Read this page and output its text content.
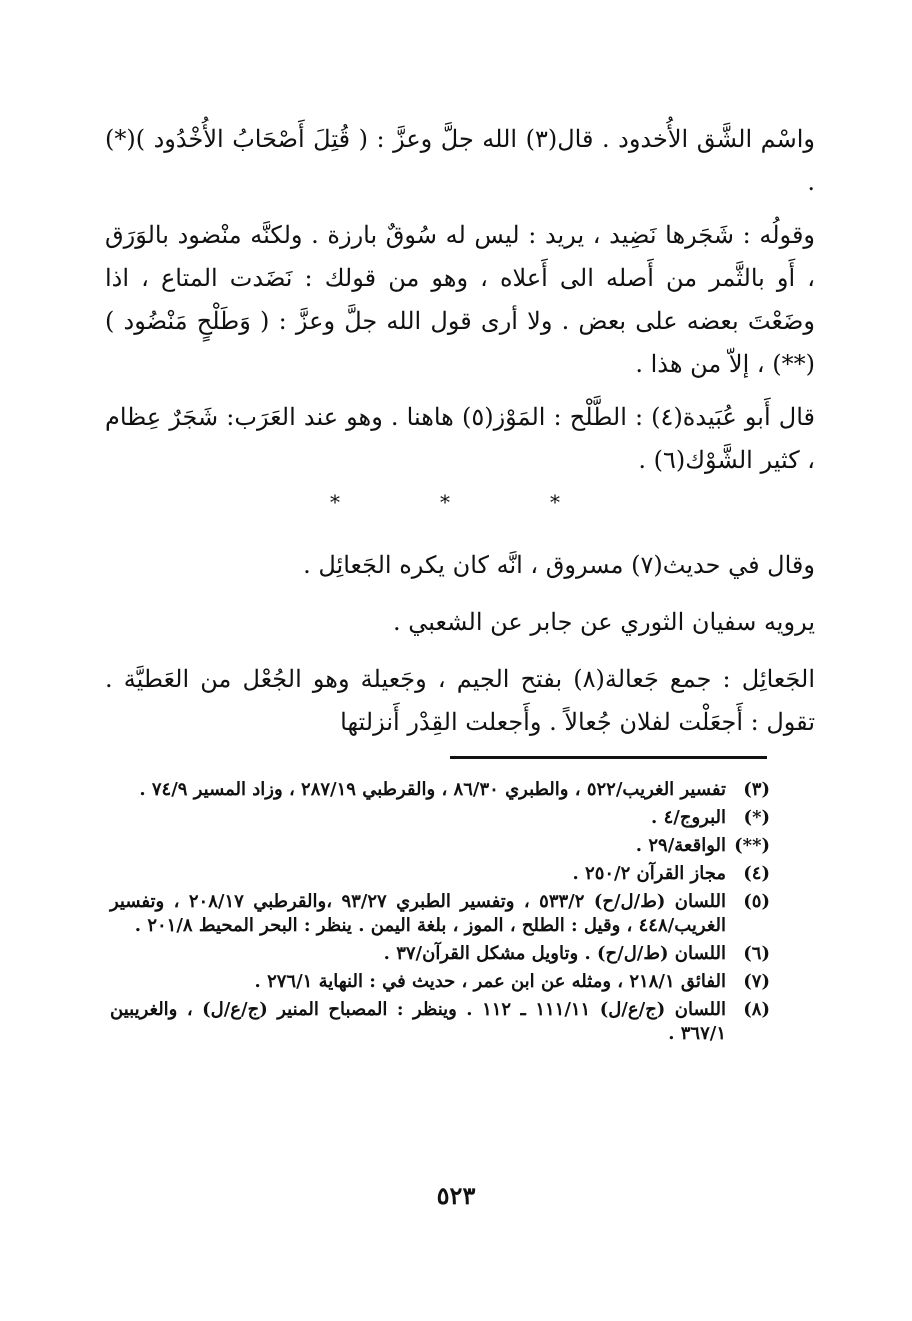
واسْم الشَّق الأُخدود . قال(٣) الله جلَّ وعزَّ : ( قُتِلَ أَصْحَابُ الأُخْدُود )(*) .

وقولُه : شَجَرها نَضِيد ، يريد : ليس له سُوقٌ بارزة . ولكنَّه منْضود بالوَرَق ، أَو بالثَّمر من أَصله الى أَعلاه ، وهو من قولك : نَضَدت المتاع ، اذا وضَعْتَ بعضه على بعض . ولا أرى قول الله جلَّ وعزَّ : ( وَطَلْحٍ مَنْضُود )(**) ، إلاّ من هذا .

قال أَبو عُبَيدة(٤) : الطَّلْح : المَوْز(٥) هاهنا . وهو عند العَرَب: شَجَرٌ عِظام ، كثير الشَّوْك(٦) .

*	*	*

وقال في حديث(٧) مسروق ، انَّه كان يكره الجَعائِل .

يرويه سفيان الثوري عن جابر عن الشعبي .

الجَعائِل : جمع جَعالة(٨) بفتح الجيم ، وجَعيلة وهو الجُعْل من العَطيَّة . تقول : أَجعَلْت لفلان جُعالاً . وأَجعلت القِدْر أَنزلتها

(٣)
تفسير الغريب/٥٢٢ ، والطبري ٨٦/٣٠ ، والقرطبي ٢٨٧/١٩ ، وزاد المسير ٧٤/٩ .
(*)
البروج/٤ .
(**)
الواقعة/٢٩ .
(٤)
مجاز القرآن ٢٥٠/٢ .
(٥)
اللسان (ط/ل/ح) ٥٣٣/٢ ، وتفسير الطبري ٩٣/٢٧ ،والقرطبي ٢٠٨/١٧ ، وتفسير الغريب/٤٤٨ ، وقيل : الطلح ، الموز ، بلغة اليمن . ينظر : البحر المحيط ٢٠١/٨ .
(٦)
اللسان (ط/ل/ح) . وتاويل مشكل القرآن/٣٧ .
(٧)
الفائق ٢١٨/١ ، ومثله عن ابن عمر ، حديث في : النهاية ٢٧٦/١ .
(٨)
اللسان (ج/ع/ل) ١١١/١١ ـ ١١٢ . وينظر : المصباح المنير (ج/ع/ل) ، والغريبين ٣٦٧/١ .
٥٢٣
